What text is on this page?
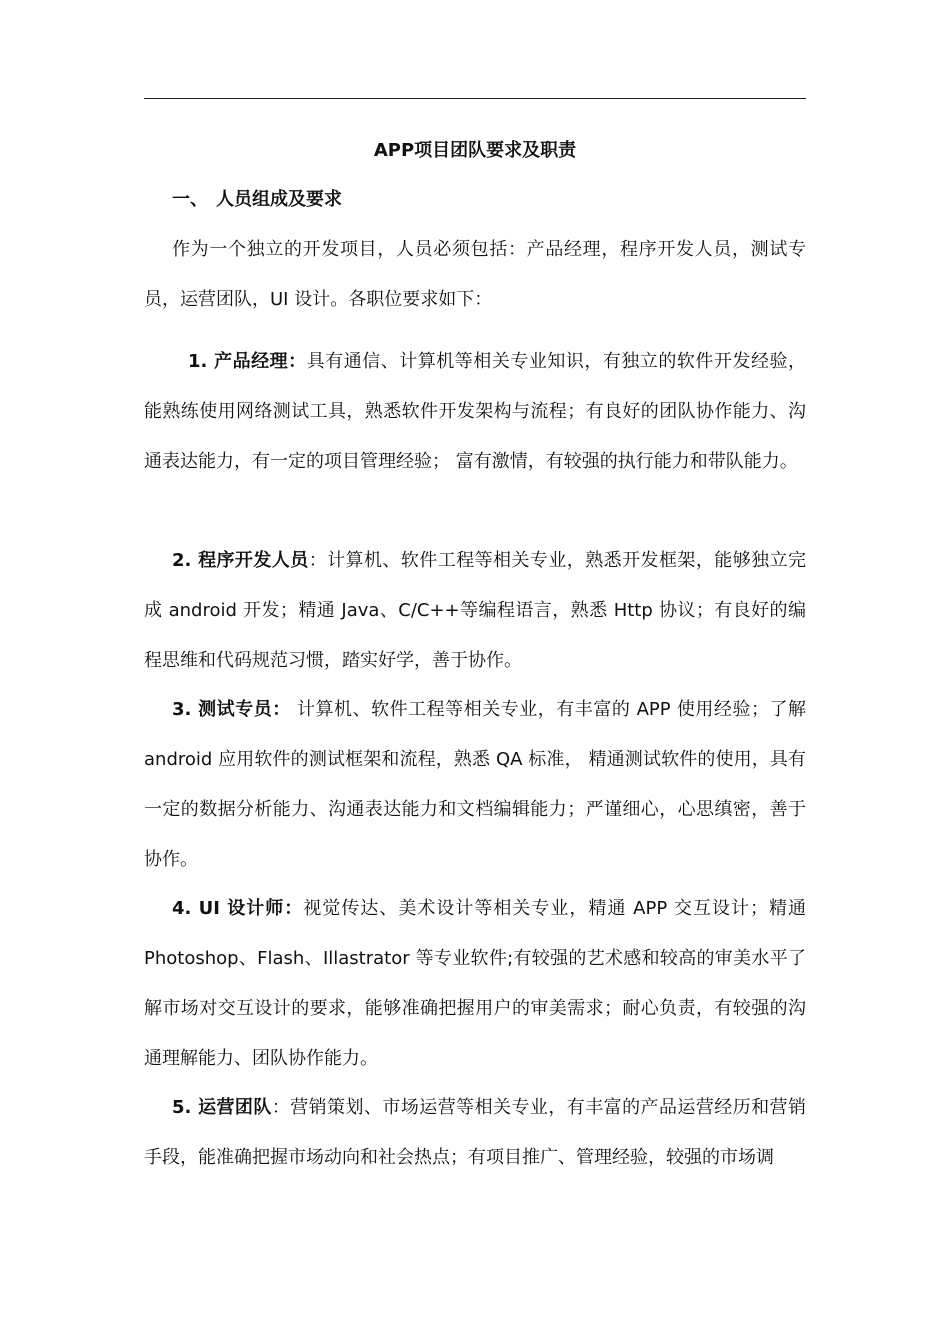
APP项目团队要求及职责
一、 人员组成及要求

作为一个独立的开发项目，人员必须包括：产品经理，程序开发人员，测试专员，运营团队，UI 设计。各职位要求如下：

1. 产品经理：具有通信、计算机等相关专业知识，有独立的软件开发经验，能熟练使用网络测试工具，熟悉软件开发架构与流程；有良好的团队协作能力、沟通表达能力，有一定的项目管理经验； 富有激情，有较强的执行能力和带队能力。

2. 程序开发人员：计算机、软件工程等相关专业，熟悉开发框架，能够独立完成 android 开发；精通 Java、C/C++等编程语言，熟悉 Http 协议；有良好的编程思维和代码规范习惯，踏实好学，善于协作。

3. 测试专员： 计算机、软件工程等相关专业，有丰富的 APP 使用经验；了解 android 应用软件的测试框架和流程，熟悉 QA 标准， 精通测试软件的使用，具有一定的数据分析能力、沟通表达能力和文档编辑能力；严谨细心，心思缜密，善于协作。

4. UI 设计师：视觉传达、美术设计等相关专业，精通 APP 交互设计；精通 Photoshop、Flash、Illastrator 等专业软件;有较强的艺术感和较高的审美水平了解市场对交互设计的要求，能够准确把握用户的审美需求；耐心负责，有较强的沟通理解能力、团队协作能力。

5. 运营团队：营销策划、市场运营等相关专业，有丰富的产品运营经历和营销手段，能准确把握市场动向和社会热点；有项目推广、管理经验，较强的市场调
